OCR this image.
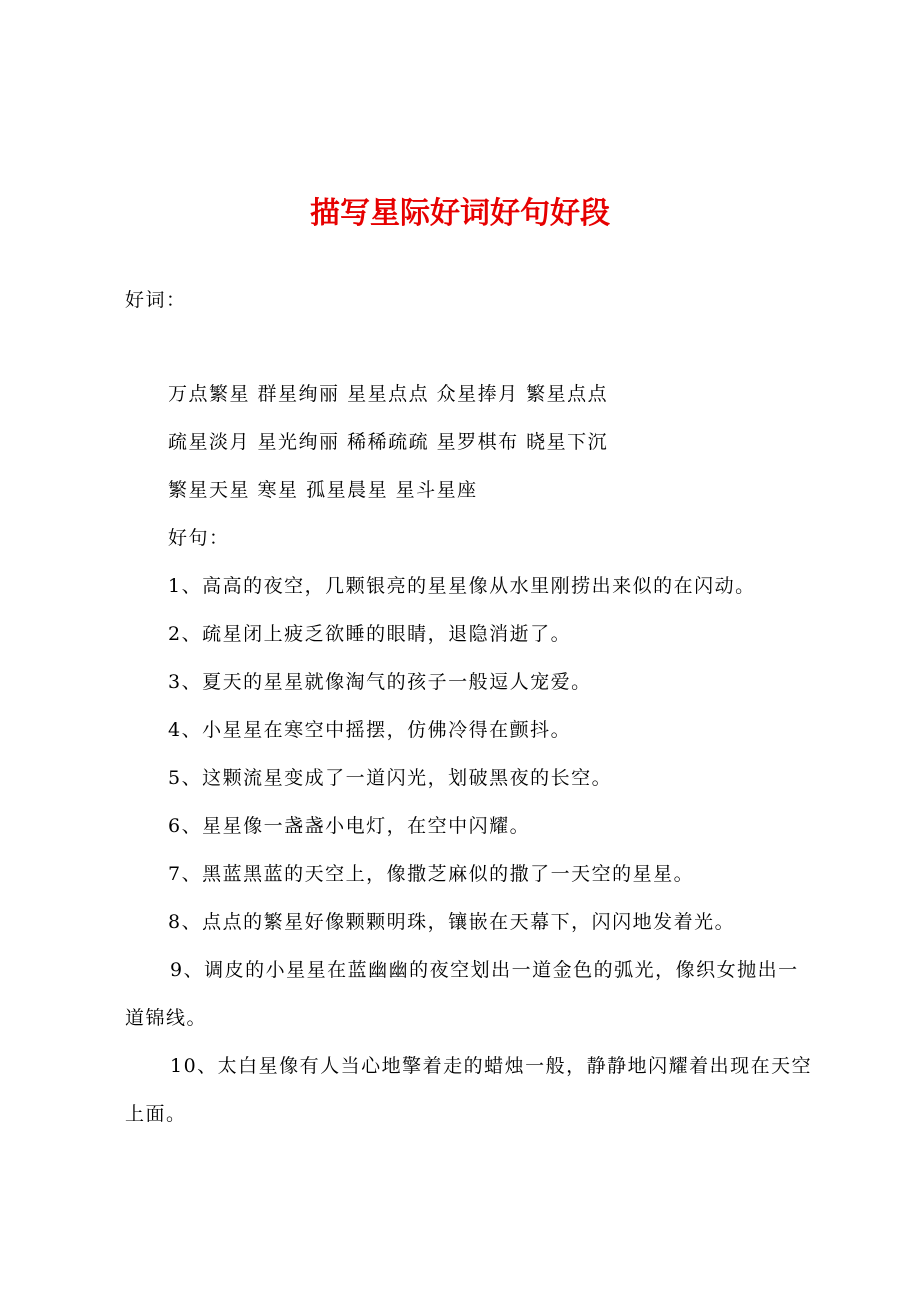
描写星际好词好句好段
好词：
万点繁星 群星绚丽 星星点点 众星捧月 繁星点点
疏星淡月 星光绚丽 稀稀疏疏 星罗棋布 晓星下沉
繁星天星 寒星 孤星晨星 星斗星座
好句：
1、高高的夜空，几颗银亮的星星像从水里刚捞出来似的在闪动。
2、疏星闭上疲乏欲睡的眼睛，退隐消逝了。
3、夏天的星星就像淘气的孩子一般逗人宠爱。
4、小星星在寒空中摇摆，仿佛冷得在颤抖。
5、这颗流星变成了一道闪光，划破黑夜的长空。
6、星星像一盏盏小电灯，在空中闪耀。
7、黑蓝黑蓝的天空上，像撒芝麻似的撒了一天空的星星。
8、点点的繁星好像颗颗明珠，镶嵌在天幕下，闪闪地发着光。
9、调皮的小星星在蓝幽幽的夜空划出一道金色的弧光，像织女抛出一道锦线。
10、太白星像有人当心地擎着走的蜡烛一般，静静地闪耀着出现在天空上面。
